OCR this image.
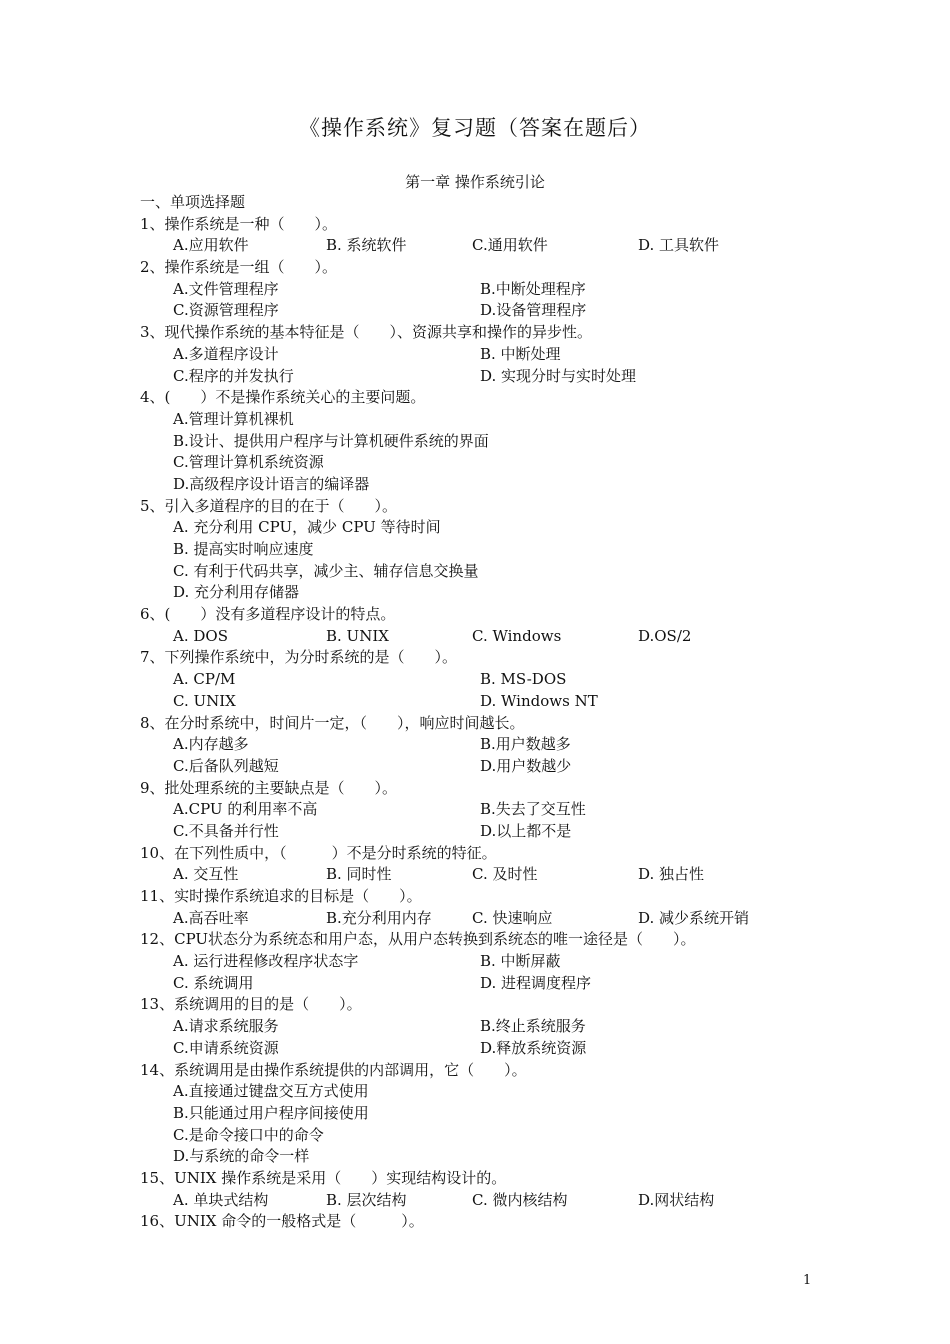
《操作系统》复习题（答案在题后）
第一章 操作系统引论
一、单项选择题
1、操作系统是一种（　　）。
A.应用软件	B. 系统软件	C.通用软件	D. 工具软件
2、操作系统是一组（　　）。
A.文件管理程序	B.中断处理程序
C.资源管理程序	D.设备管理程序
3、现代操作系统的基本特征是（　　）、资源共享和操作的异步性。
A.多道程序设计	B. 中断处理
C.程序的并发执行	D. 实现分时与实时处理
4、(　　）不是操作系统关心的主要问题。
A.管理计算机裸机
B.设计、提供用户程序与计算机硬件系统的界面
C.管理计算机系统资源
D.高级程序设计语言的编译器
5、引入多道程序的目的在于（　　）。
A. 充分利用 CPU，减少 CPU 等待时间
B. 提高实时响应速度
C. 有利于代码共享，减少主、辅存信息交换量
D. 充分利用存储器
6、(　　）没有多道程序设计的特点。
A. DOS	B. UNIX	C. Windows	D.OS/2
7、下列操作系统中，为分时系统的是（　　）。
A. CP/M	B. MS-DOS
C. UNIX	D. Windows NT
8、在分时系统中，时间片一定，（　　），响应时间越长。
A.内存越多	B.用户数越多
C.后备队列越短	D.用户数越少
9、批处理系统的主要缺点是（　　）。
A.CPU 的利用率不高	B.失去了交互性
C.不具备并行性	D.以上都不是
10、在下列性质中，（　　　）不是分时系统的特征。
A. 交互性	B. 同时性	C. 及时性	D. 独占性
11、实时操作系统追求的目标是（　　）。
A.高吞吐率	B.充分利用内存	C. 快速响应	D. 减少系统开销
12、CPU状态分为系统态和用户态，从用户态转换到系统态的唯一途径是（　　）。
A. 运行进程修改程序状态字	B. 中断屏蔽
C. 系统调用	D. 进程调度程序
13、系统调用的目的是（　　）。
A.请求系统服务	B.终止系统服务
C.申请系统资源	D.释放系统资源
14、系统调用是由操作系统提供的内部调用，它（　　）。
A.直接通过键盘交互方式使用
B.只能通过用户程序间接使用
C.是命令接口中的命令
D.与系统的命令一样
15、UNIX 操作系统是采用（　　）实现结构设计的。
A. 单块式结构	B. 层次结构	C. 微内核结构	D.网状结构
16、UNIX 命令的一般格式是（　　　）。
1
